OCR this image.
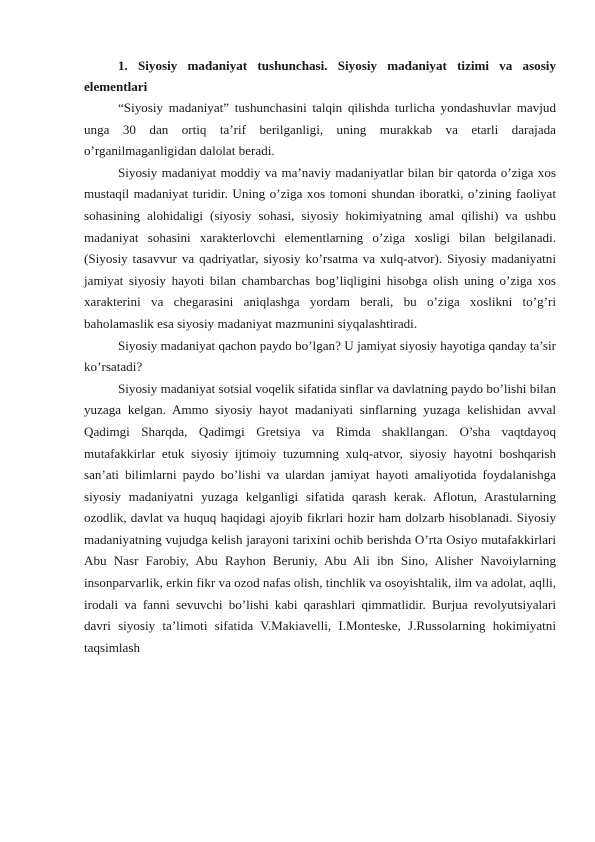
1. Siyosiy madaniyat tushunchasi. Siyosiy madaniyat tizimi va asosiy elementlari

“Siyosiy madaniyat” tushunchasini talqin qilishda turlicha yondashuvlar mavjud unga 30 dan ortiq ta’rif berilganligi, uning murakkab va etarli darajada o’rganilmaganligidan dalolat beradi.

Siyosiy madaniyat moddiy va ma’naviy madaniyatlar bilan bir qatorda o’ziga xos mustaqil madaniyat turidir. Uning o’ziga xos tomoni shundan iboratki, o’zining faoliyat sohasining alohidaligi (siyosiy sohasi, siyosiy hokimiyatning amal qilishi) va ushbu madaniyat sohasini xarakterlovchi elementlarning o’ziga xosligi bilan belgilanadi. (Siyosiy tasavvur va qadriyatlar, siyosiy ko’rsatma va xulq-atvor). Siyosiy madaniyatni jamiyat siyosiy hayoti bilan chambarchas bog’liqligini hisobga olish uning o’ziga xos xarakterini va chegarasini aniqlashga yordam berali, bu o’ziga xoslikni to’g’ri baholamaslik esa siyosiy madaniyat mazmunini siyqalashtiradi.

Siyosiy madaniyat qachon paydo bo’lgan? U jamiyat siyosiy hayotiga qanday ta’sir ko’rsatadi?

Siyosiy madaniyat sotsial voqelik sifatida sinflar va davlatning paydo bo’lishi bilan yuzaga kelgan. Ammo siyosiy hayot madaniyati sinflarning yuzaga kelishidan avval Qadimgi Sharqda, Qadimgi Gretsiya va Rimda shakllangan. O’sha vaqtdayoq mutafakkirlar etuk siyosiy ijtimoiy tuzumning xulq-atvor, siyosiy hayotni boshqarish san’ati bilimlarni paydo bo’lishi va ulardan jamiyat hayoti amaliyotida foydalanishga siyosiy madaniyatni yuzaga kelganligi sifatida qarash kerak. Aflotun, Arastularning ozodlik, davlat va huquq haqidagi ajoyib fikrlari hozir ham dolzarb hisoblanadi. Siyosiy madaniyatning vujudga kelish jarayoni tarixini ochib berishda O’rta Osiyo mutafakkirlari Abu Nasr Farobiy, Abu Rayhon Beruniy, Abu Ali ibn Sino, Alisher Navoiylarning insonparvarlik, erkin fikr va ozod nafas olish, tinchlik va osoyishtalik, ilm va adolat, aqlli, irodali va fanni sevuvchi bo’lishi kabi qarashlari qimmatlidir. Burjua revolyutsiyalari davri siyosiy ta’limoti sifatida V.Makiavelli, I.Monteske, J.Russolarning hokimiyatni taqsimlash
